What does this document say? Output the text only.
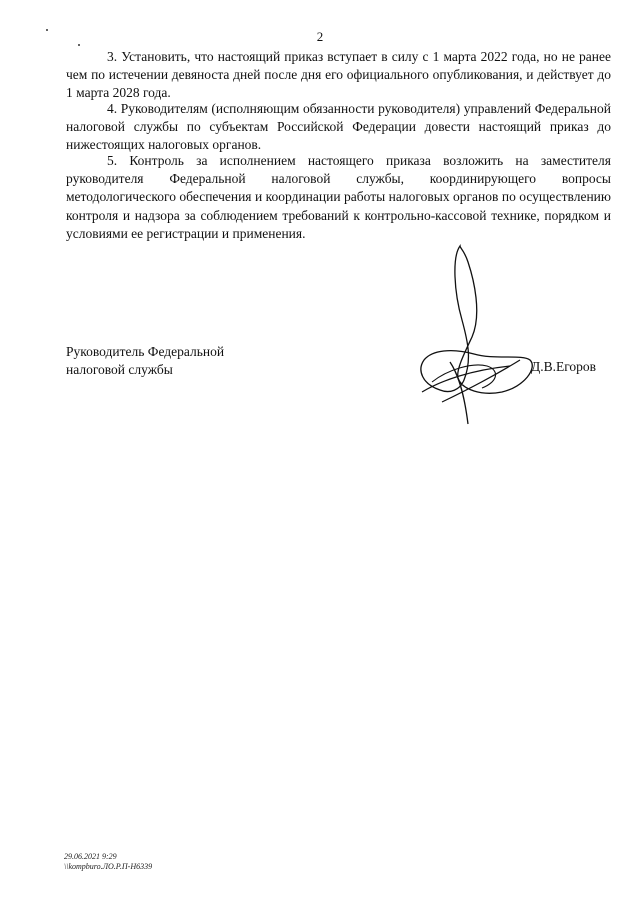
2

3. Установить, что настоящий приказ вступает в силу с 1 марта 2022 года, но не ранее чем по истечении девяноста дней после дня его официального опубликования, и действует до 1 марта 2028 года.

4. Руководителям (исполняющим обязанности руководителя) управлений Федеральной налоговой службы по субъектам Российской Федерации довести настоящий приказ до нижестоящих налоговых органов.

5. Контроль за исполнением настоящего приказа возложить на заместителя руководителя Федеральной налоговой службы, координирующего вопросы методологического обеспечения и координации работы налоговых органов по осуществлению контроля и надзора за соблюдением требований к контрольно-кассовой технике, порядком и условиями ее регистрации и применения.

Руководитель Федеральной
налоговой службы	Д.В.Егоров
29.06.2021 9:29
\\kompburo.ЛО.Р.П-H6339
